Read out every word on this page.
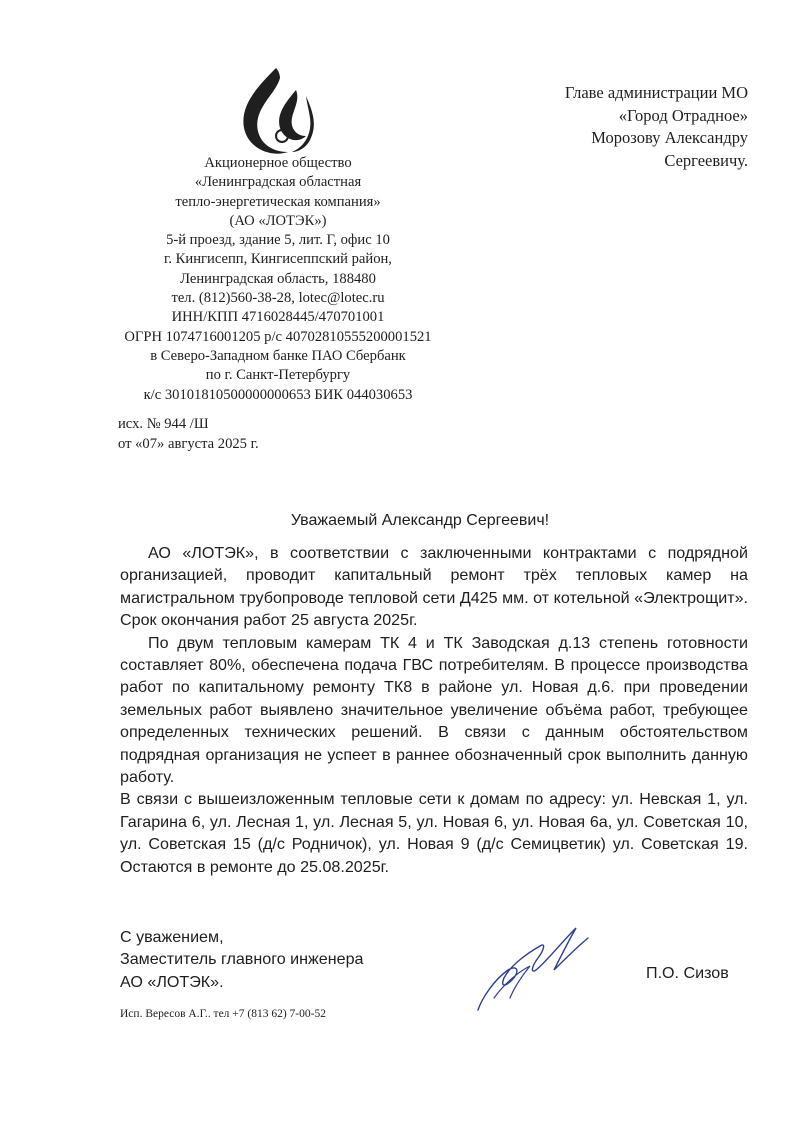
Акционерное общество
«Ленинградская областная
тепло-энергетическая компания»
(АО «ЛОТЭК»)
5-й проезд, здание 5, лит. Г, офис 10
г. Кингисепп, Кингисеппский район,
Ленинградская область, 188480
тел. (812)560-38-28, lotec@lotec.ru
ИНН/КПП 4716028445/470701001
ОГРН 1074716001205 р/с 40702810555200001521
в Северо-Западном банке ПАО Сбербанк
по г. Санкт-Петербургу
к/с 30101810500000000653 БИК 044030653
Главе администрации МО
«Город Отрадное»
Морозову Александру
Сергеевичу.
исх. № 944 /Ш
от «07» августа 2025 г.
Уважаемый Александр Сергеевич!

АО «ЛОТЭК», в соответствии с заключенными контрактами с подрядной организацией, проводит капитальный ремонт трёх тепловых камер на магистральном трубопроводе тепловой сети Д425 мм. от котельной «Электрощит». Срок окончания работ 25 августа 2025г.

По двум тепловым камерам ТК 4 и ТК Заводская д.13 степень готовности составляет 80%, обеспечена подача ГВС потребителям. В процессе производства работ по капитальному ремонту ТК8 в районе ул. Новая д.6. при проведении земельных работ выявлено значительное увеличение объёма работ, требующее определенных технических решений. В связи с данным обстоятельством подрядная организация не успеет в раннее обозначенный срок выполнить данную работу.

В связи с вышеизложенным тепловые сети к домам по адресу: ул. Невская 1, ул. Гагарина 6, ул. Лесная 1, ул. Лесная 5, ул. Новая 6, ул. Новая 6а, ул. Советская 10, ул. Советская 15 (д/с Родничок), ул. Новая 9 (д/с Семицветик) ул. Советская 19. Остаются в ремонте до 25.08.2025г.

С уважением,
Заместитель главного инженера
АО «ЛОТЭК».	П.О. Сизов
Исп. Вересов А.Г.. тел +7 (813 62) 7-00-52
